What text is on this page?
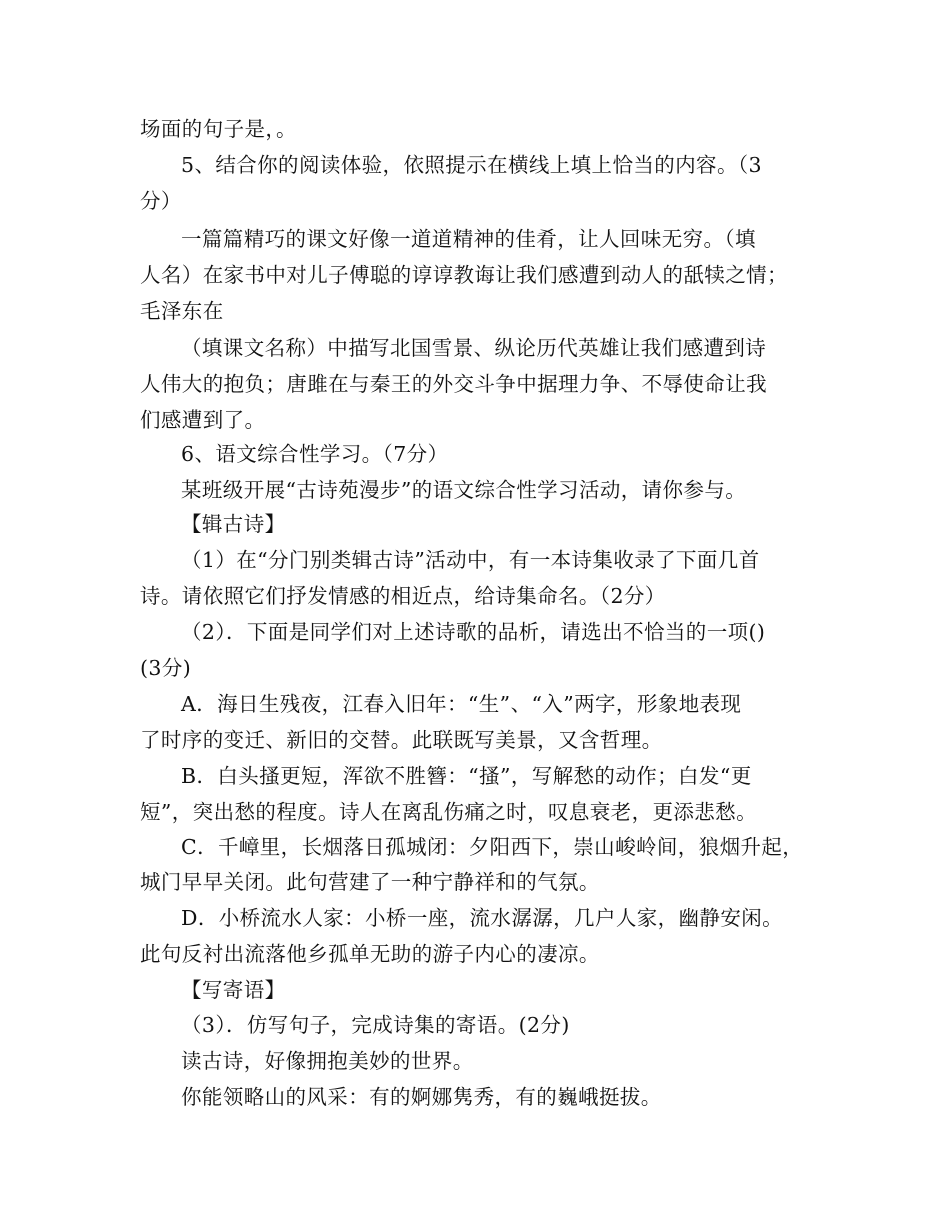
场面的句子是，。
5、结合你的阅读体验，依照提示在横线上填上恰当的内容。（3
分）
一篇篇精巧的课文好像一道道精神的佳肴，让人回味无穷。（填
人名）在家书中对儿子傅聪的谆谆教诲让我们感遭到动人的舐犊之情；
毛泽东在
（填课文名称）中描写北国雪景、纵论历代英雄让我们感遭到诗
人伟大的抱负；唐雎在与秦王的外交斗争中据理力争、不辱使命让我
们感遭到了。
6、语文综合性学习。（7分）
某班级开展“古诗苑漫步”的语文综合性学习活动，请你参与。
【辑古诗】
（1）在“分门别类辑古诗”活动中，有一本诗集收录了下面几首
诗。请依照它们抒发情感的相近点，给诗集命名。（2分）
（2）．下面是同学们对上述诗歌的品析，请选出不恰当的一项()
(3分)
A．海日生残夜，江春入旧年：“生”、“入”两字，形象地表现
了时序的变迁、新旧的交替。此联既写美景，又含哲理。
B．白头搔更短，浑欲不胜簪：“搔”，写解愁的动作；白发“更
短”，突出愁的程度。诗人在离乱伤痛之时，叹息衰老，更添悲愁。
C．千嶂里，长烟落日孤城闭：夕阳西下，崇山峻岭间，狼烟升起，
城门早早关闭。此句营建了一种宁静祥和的气氛。
D．小桥流水人家：小桥一座，流水潺潺，几户人家，幽静安闲。
此句反衬出流落他乡孤单无助的游子内心的凄凉。
【写寄语】
（3）．仿写句子，完成诗集的寄语。(2分)
读古诗，好像拥抱美妙的世界。
你能领略山的风采：有的婀娜隽秀，有的巍峨挺拔。
